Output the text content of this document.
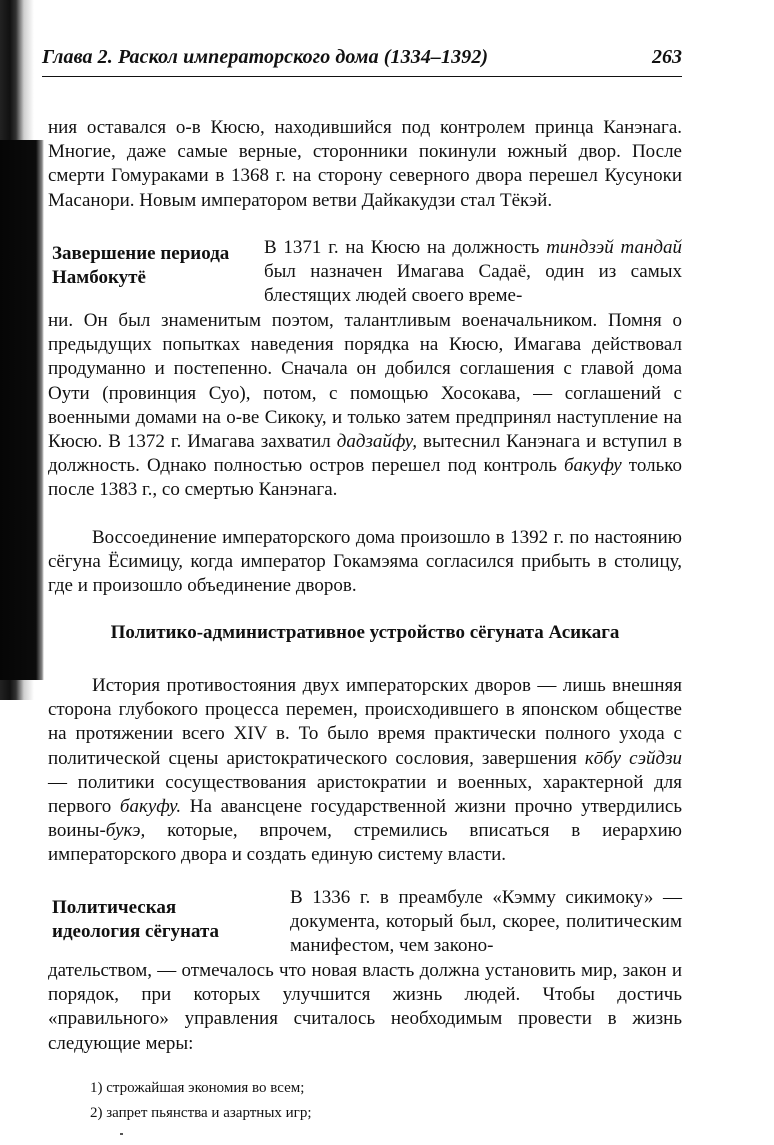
Глава 2. Раскол императорского дома (1334–1392)	263

ния оставался о-в Кюсю, находившийся под контролем принца Канэнага. Многие, даже самые верные, сторонники покинули южный двор. После смерти Гомураками в 1368 г. на сторону северного двора перешел Кусуноки Масанори. Новым императором ветви Дайкакудзи стал Тёкэй.

Завершение периода Намбокутё

В 1371 г. на Кюсю на должность тиндзэй тандай был назначен Имагава Садаё, один из самых блестящих людей своего време-

ни. Он был знаменитым поэтом, талантливым военачальником. Помня о предыдущих попытках наведения порядка на Кюсю, Имагава действовал продуманно и постепенно. Сначала он добился соглашения с главой дома Оути (провинция Суо), потом, с помощью Хосокава, — соглашений с военными домами на о-ве Сикоку, и только затем предпринял наступление на Кюсю. В 1372 г. Имагава захватил дадзайфу, вытеснил Канэнага и вступил в должность. Однако полностью остров перешел под контроль бакуфу только после 1383 г., со смертью Канэнага.

Воссоединение императорского дома произошло в 1392 г. по настоянию сёгуна Ёсимицу, когда император Гокамэяма согласился прибыть в столицу, где и произошло объединение дворов.

Политико-административное устройство сёгуната Асикага

История противостояния двух императорских дворов — лишь внешняя сторона глубокого процесса перемен, происходившего в японском обществе на протяжении всего XIV в. То было время практически полного ухода с политической сцены аристократического сословия, завершения кōбу сэйдзи — политики сосуществования аристократии и военных, характерной для первого бакуфу. На авансцене государственной жизни прочно утвердились воины-букэ, которые, впрочем, стремились вписаться в иерархию императорского двора и создать единую систему власти.

Политическая идеология сёгуната

В 1336 г. в преамбуле «Кэмму сикимоку» — документа, который был, скорее, политическим манифестом, чем законо-

дательством, — отмечалось что новая власть должна установить мир, закон и порядок, при которых улучшится жизнь людей. Чтобы достичь «правильного» управления считалось необходимым провести в жизнь следующие меры:

1) строжайшая экономия во всем;
2) запрет пьянства и азартных игр;
